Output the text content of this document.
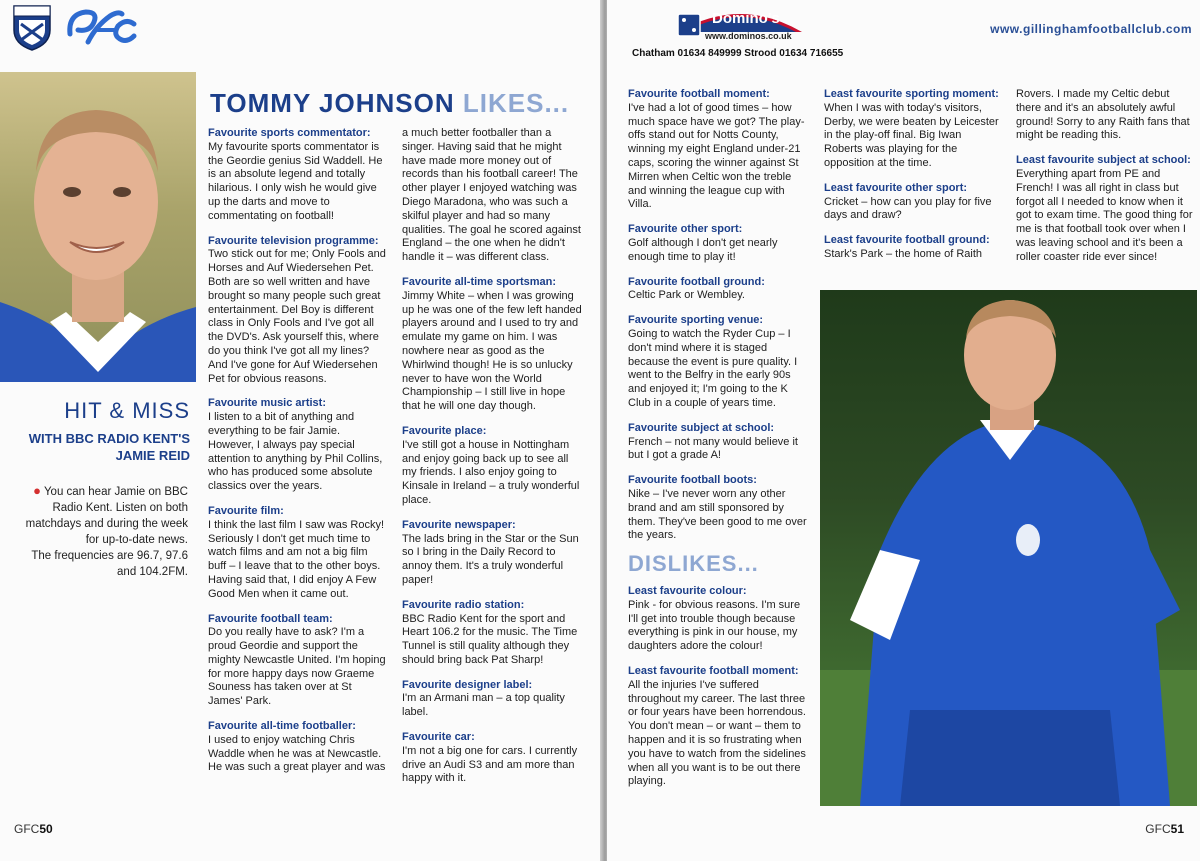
HIT & MISS
WITH BBC RADIO KENT'S
JAMIE REID
● You can hear Jamie on BBC Radio Kent. Listen on both matchdays and during the week for up-to-date news.
The frequencies are 96.7, 97.6 and 104.2FM.
TOMMY JOHNSON LIKES...
Favourite sports commentator:

My favourite sports commentator is the Geordie genius Sid Waddell. He is an absolute legend and totally hilarious. I only wish he would give up the darts and move to commentating on football!

Favourite television programme:

Two stick out for me; Only Fools and Horses and Auf Wiedersehen Pet. Both are so well written and have brought so many people such great entertainment. Del Boy is different class in Only Fools and I've got all the DVD's. Ask yourself this, where do you think I've got all my lines? And I've gone for Auf Wiedersehen Pet for obvious reasons.

Favourite music artist:

I listen to a bit of anything and everything to be fair Jamie. However, I always pay special attention to anything by Phil Collins, who has produced some absolute classics over the years.

Favourite film:

I think the last film I saw was Rocky! Seriously I don't get much time to watch films and am not a big film buff – I leave that to the other boys. Having said that, I did enjoy A Few Good Men when it came out.

Favourite football team:

Do you really have to ask? I'm a proud Geordie and support the mighty Newcastle United. I'm hoping for more happy days now Graeme Souness has taken over at St James' Park.

Favourite all-time footballer:

I used to enjoy watching Chris Waddle when he was at Newcastle. He was such a great player and was

a much better footballer than a singer. Having said that he might have made more money out of records than his football career! The other player I enjoyed watching was Diego Maradona, who was such a skilful player and had so many qualities. The goal he scored against England – the one when he didn't handle it – was different class.

Favourite all-time sportsman:

Jimmy White – when I was growing up he was one of the few left handed players around and I used to try and emulate my game on him. I was nowhere near as good as the Whirlwind though! He is so unlucky never to have won the World Championship – I still live in hope that he will one day though.

Favourite place:

I've still got a house in Nottingham and enjoy going back up to see all my friends. I also enjoy going to Kinsale in Ireland – a truly wonderful place.

Favourite newspaper:

The lads bring in the Star or the Sun so I bring in the Daily Record to annoy them. It's a truly wonderful paper!

Favourite radio station:

BBC Radio Kent for the sport and Heart 106.2 for the music. The Time Tunnel is still quality although they should bring back Pat Sharp!

Favourite designer label:

I'm an Armani man – a top quality label.

Favourite car:

I'm not a big one for cars. I currently drive an Audi S3 and am more than happy with it.

GFC50
Domino's
www.dominos.co.uk
Chatham 01634 849999 Strood 01634 716655
www.gillinghamfootballclub.com
Favourite football moment:

I've had a lot of good times – how much space have we got? The play-offs stand out for Notts County, winning my eight England under-21 caps, scoring the winner against St Mirren when Celtic won the treble and winning the league cup with Villa.

Favourite other sport:

Golf although I don't get nearly enough time to play it!

Favourite football ground:

Celtic Park or Wembley.

Favourite sporting venue:

Going to watch the Ryder Cup – I don't mind where it is staged because the event is pure quality. I went to the Belfry in the early 90s and enjoyed it; I'm going to the K Club in a couple of years time.

Favourite subject at school:

French – not many would believe it but I got a grade A!

Favourite football boots:

Nike – I've never worn any other brand and am still sponsored by them. They've been good to me over the years.

DISLIKES...
Least favourite colour:

Pink - for obvious reasons. I'm sure I'll get into trouble though because everything is pink in our house, my daughters adore the colour!

Least favourite football moment:

All the injuries I've suffered throughout my career. The last three or four years have been horrendous. You don't mean – or want – them to happen and it is so frustrating when you have to watch from the sidelines when all you want is to be out there playing.

Least favourite sporting moment:

When I was with today's visitors, Derby, we were beaten by Leicester in the play-off final. Big Iwan Roberts was playing for the opposition at the time.

Least favourite other sport:

Cricket – how can you play for five days and draw?

Least favourite football ground:

Stark's Park – the home of Raith

Rovers. I made my Celtic debut there and it's an absolutely awful ground! Sorry to any Raith fans that might be reading this.

Least favourite subject at school:

Everything apart from PE and French! I was all right in class but forgot all I needed to know when it got to exam time. The good thing for me is that football took over when I was leaving school and it's been a roller coaster ride ever since!

GFC51
